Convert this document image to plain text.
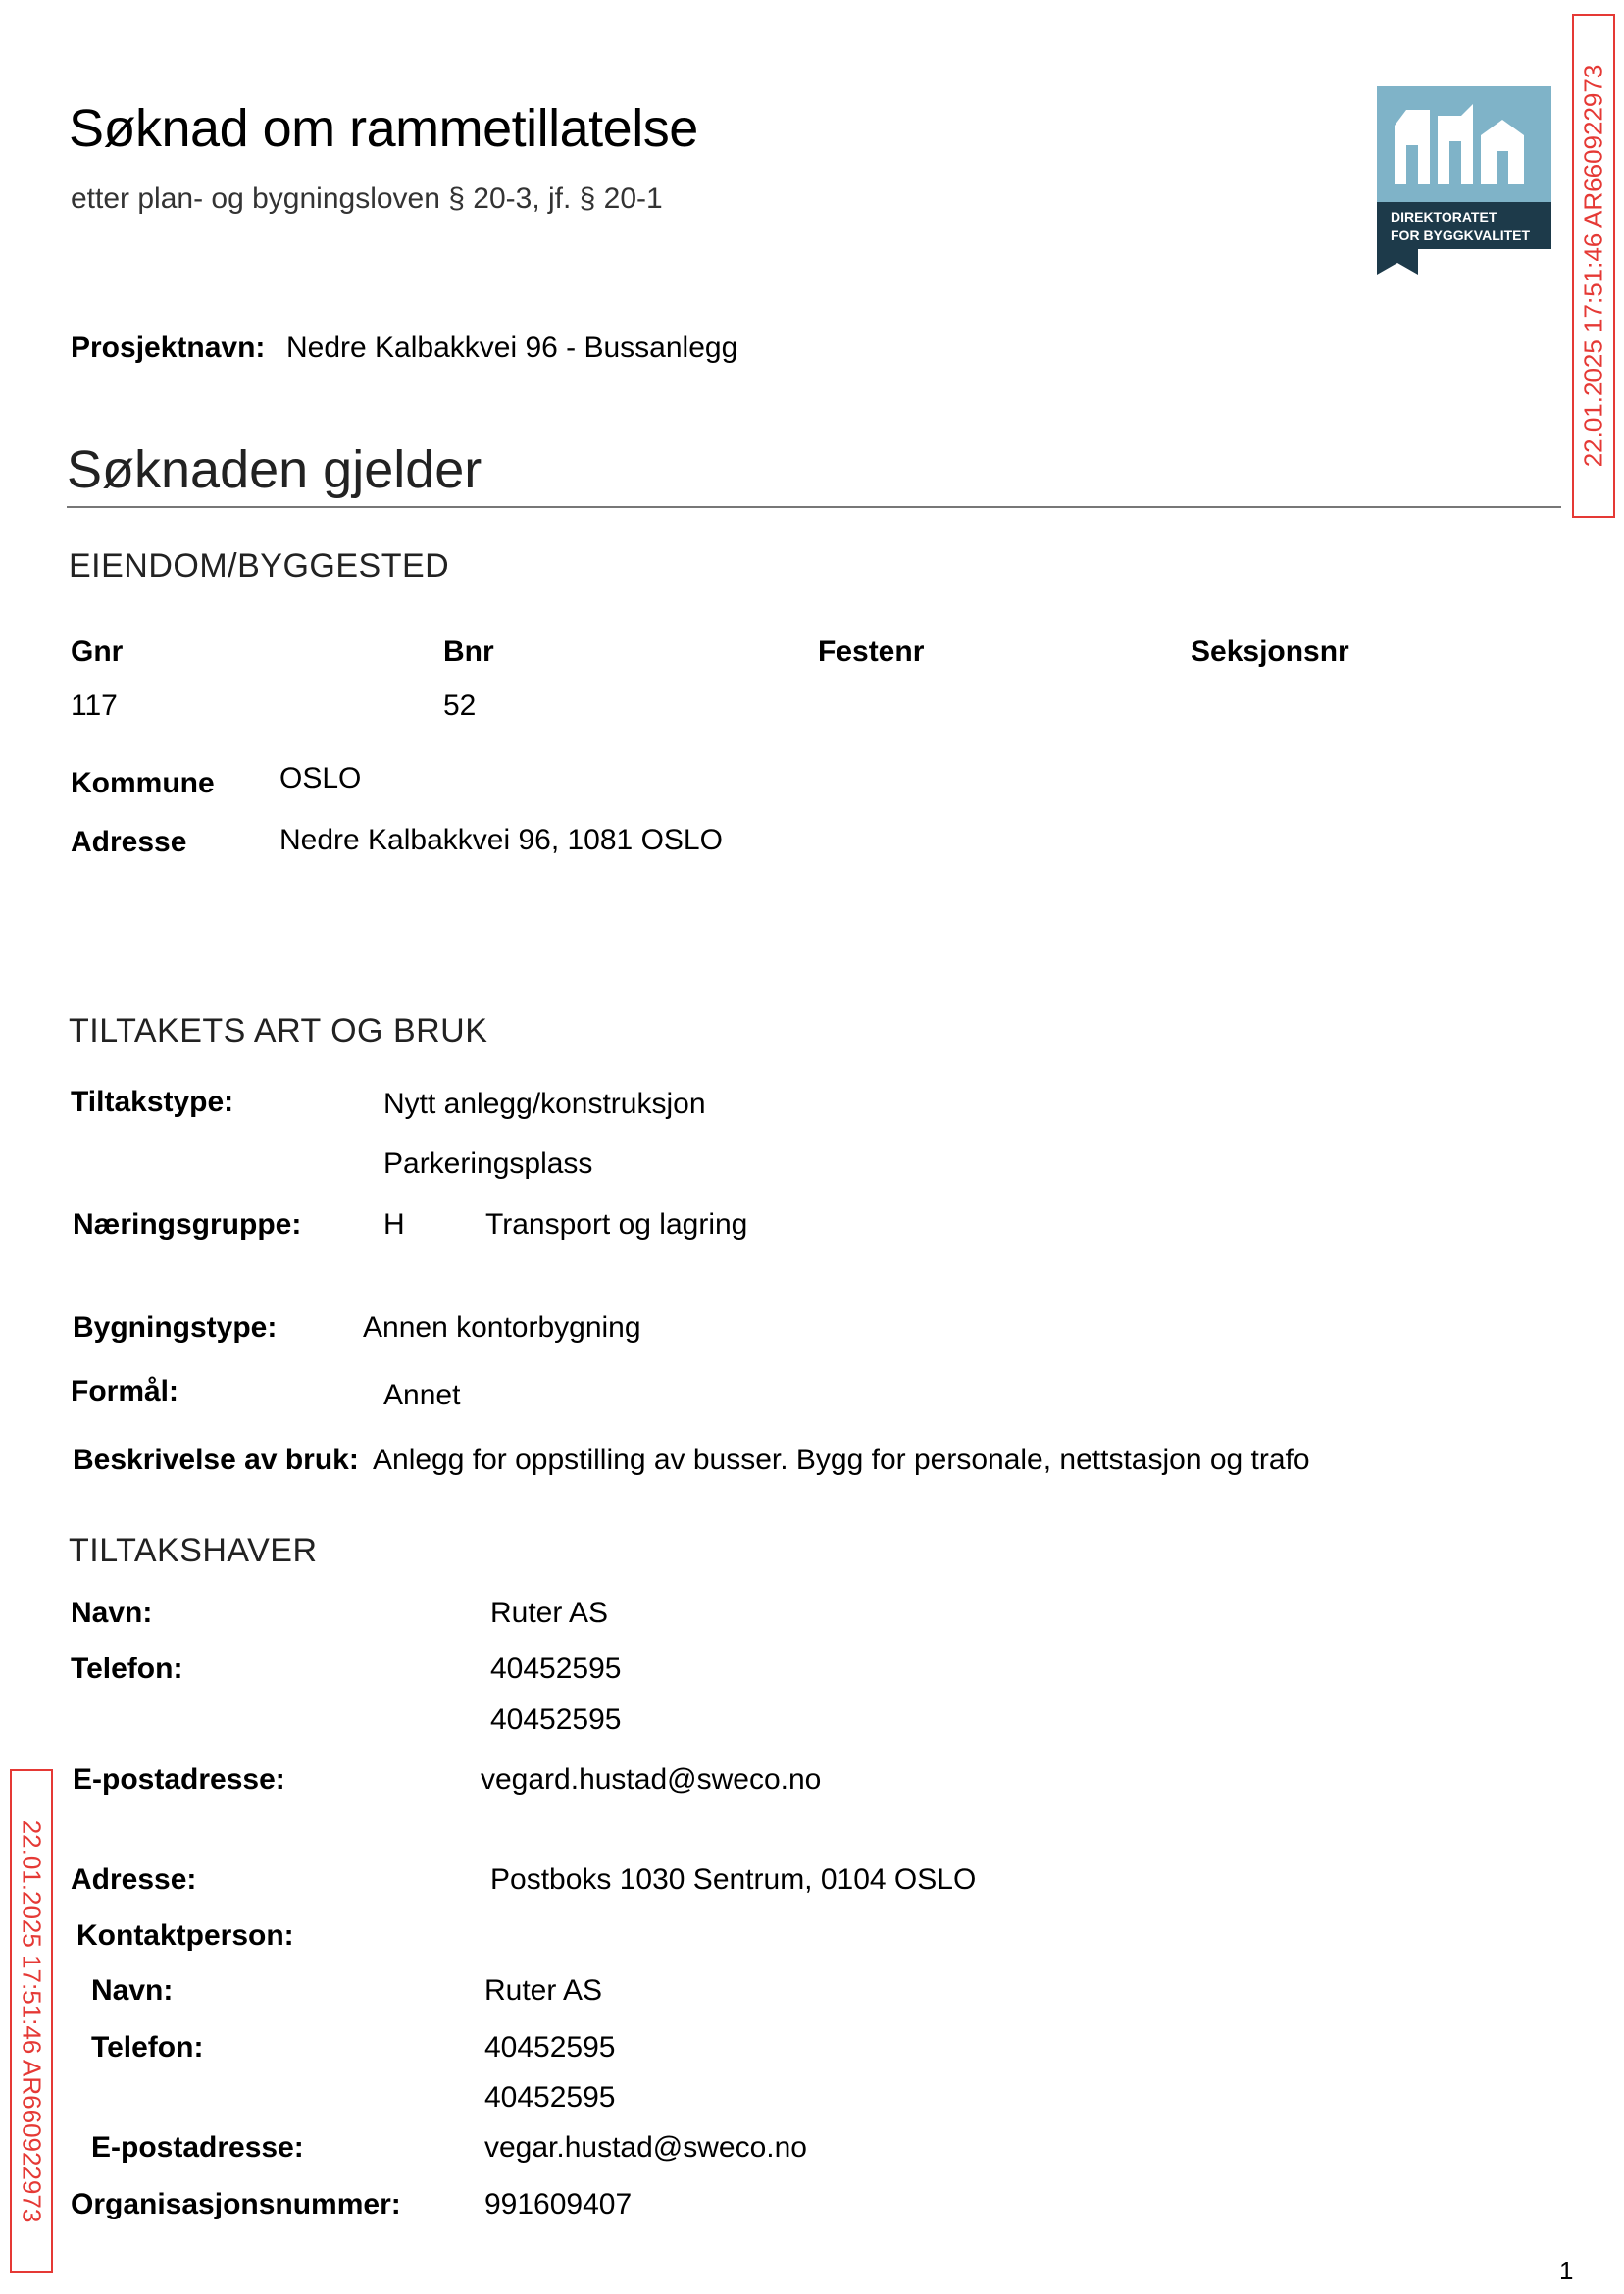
Søknad om rammetillatelse
etter plan- og bygningsloven § 20-3, jf. § 20-1
DIREKTORATET
FOR BYGGKVALITET
Prosjektnavn: Nedre Kalbakkvei 96 - Bussanlegg
Søknaden gjelder
EIENDOM/BYGGESTED
Gnr	Bnr	Festenr	Seksjonsnr
117	52
Kommune OSLO
Adresse	Nedre Kalbakkvei 96, 1081 OSLO
TILTAKETS ART OG BRUK
Tiltakstype:	Nytt anlegg/konstruksjon
Parkeringsplass
Næringsgruppe:	H	Transport og lagring
Bygningstype:	Annen kontorbygning
Formål:	Annet
Beskrivelse av bruk: Anlegg for oppstilling av busser. Bygg for personale, nettstasjon og trafo
TILTAKSHAVER
Navn:	Ruter AS
Telefon:	40452595
40452595
E-postadresse:	vegard.hustad@sweco.no
Adresse:	Postboks 1030 Sentrum, 0104 OSLO
Kontaktperson:
Navn:	Ruter AS
Telefon:	40452595
40452595
E-postadresse:	vegar.hustad@sweco.no
Organisasjonsnummer:	991609407
22.01.2025 17:51:46 AR660922973
22.01.2025 17:51:46 AR660922973
1
